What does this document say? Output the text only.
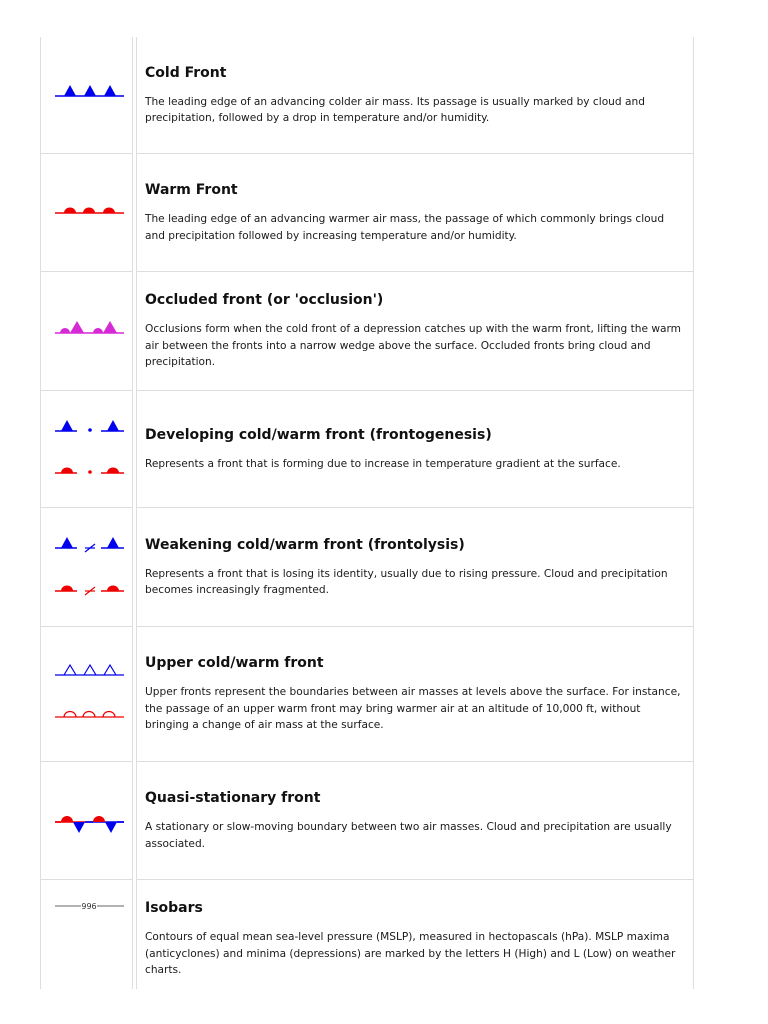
Cold Front

The leading edge of an advancing colder air mass. Its passage is usually marked by cloud and precipitation, followed by a drop in temperature and/or humidity.

Warm Front

The leading edge of an advancing warmer air mass, the passage of which commonly brings cloud and precipitation followed by increasing temperature and/or humidity.

Occluded front (or 'occlusion')

Occlusions form when the cold front of a depression catches up with the warm front, lifting the warm air between the fronts into a narrow wedge above the surface. Occluded fronts bring cloud and precipitation.

Developing cold/warm front (frontogenesis)

Represents a front that is forming due to increase in temperature gradient at the surface.

Weakening cold/warm front (frontolysis)

Represents a front that is losing its identity, usually due to rising pressure. Cloud and precipitation becomes increasingly fragmented.

Upper cold/warm front

Upper fronts represent the boundaries between air masses at levels above the surface. For instance, the passage of an upper warm front may bring warmer air at an altitude of 10,000 ft, without bringing a change of air mass at the surface.

Quasi-stationary front

A stationary or slow-moving boundary between two air masses. Cloud and precipitation are usually associated.

996	Isobars

Contours of equal mean sea-level pressure (MSLP), measured in hectopascals (hPa). MSLP maxima (anticyclones) and minima (depressions) are marked by the letters H (High) and L (Low) on weather charts.
